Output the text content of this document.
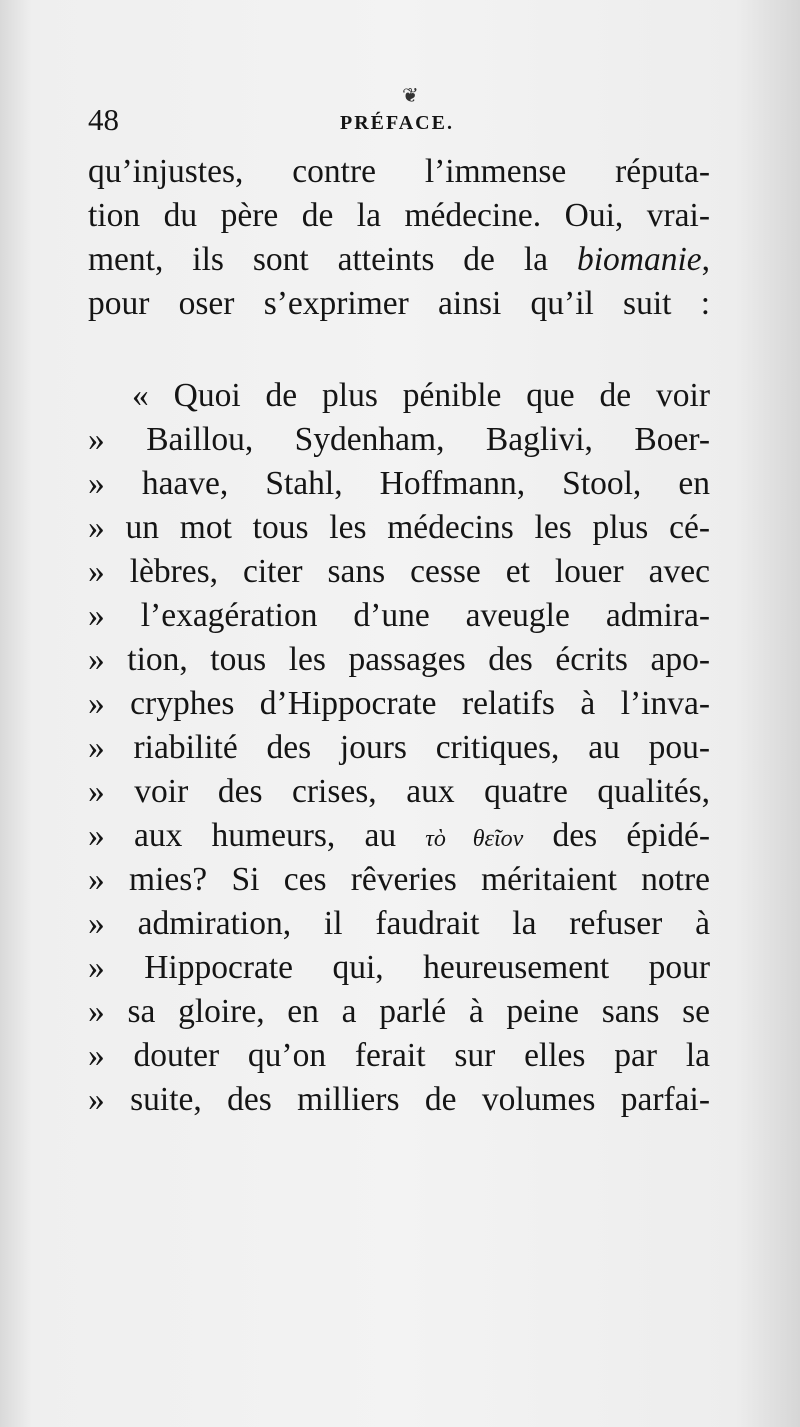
❦
48	PRÉFACE.
qu’injustes, contre l’immense réputa-
tion du père de la médecine. Oui, vrai-
ment, ils sont atteints de la biomanie,
pour oser s’exprimer ainsi qu’il suit :
« Quoi de plus pénible que de voir
» Baillou, Sydenham, Baglivi, Boer-
» haave, Stahl, Hoffmann, Stool, en
» un mot tous les médecins les plus cé-
» lèbres, citer sans cesse et louer avec
» l’exagération d’une aveugle admira-
» tion, tous les passages des écrits apo-
» cryphes d’Hippocrate relatifs à l’inva-
» riabilité des jours critiques, au pou-
» voir des crises, aux quatre qualités,
» aux humeurs, au τὸ θεῖον des épidé-
» mies? Si ces rêveries méritaient notre
» admiration, il faudrait la refuser à
» Hippocrate qui, heureusement pour
» sa gloire, en a parlé à peine sans se
» douter qu’on ferait sur elles par la
» suite, des milliers de volumes parfai-
